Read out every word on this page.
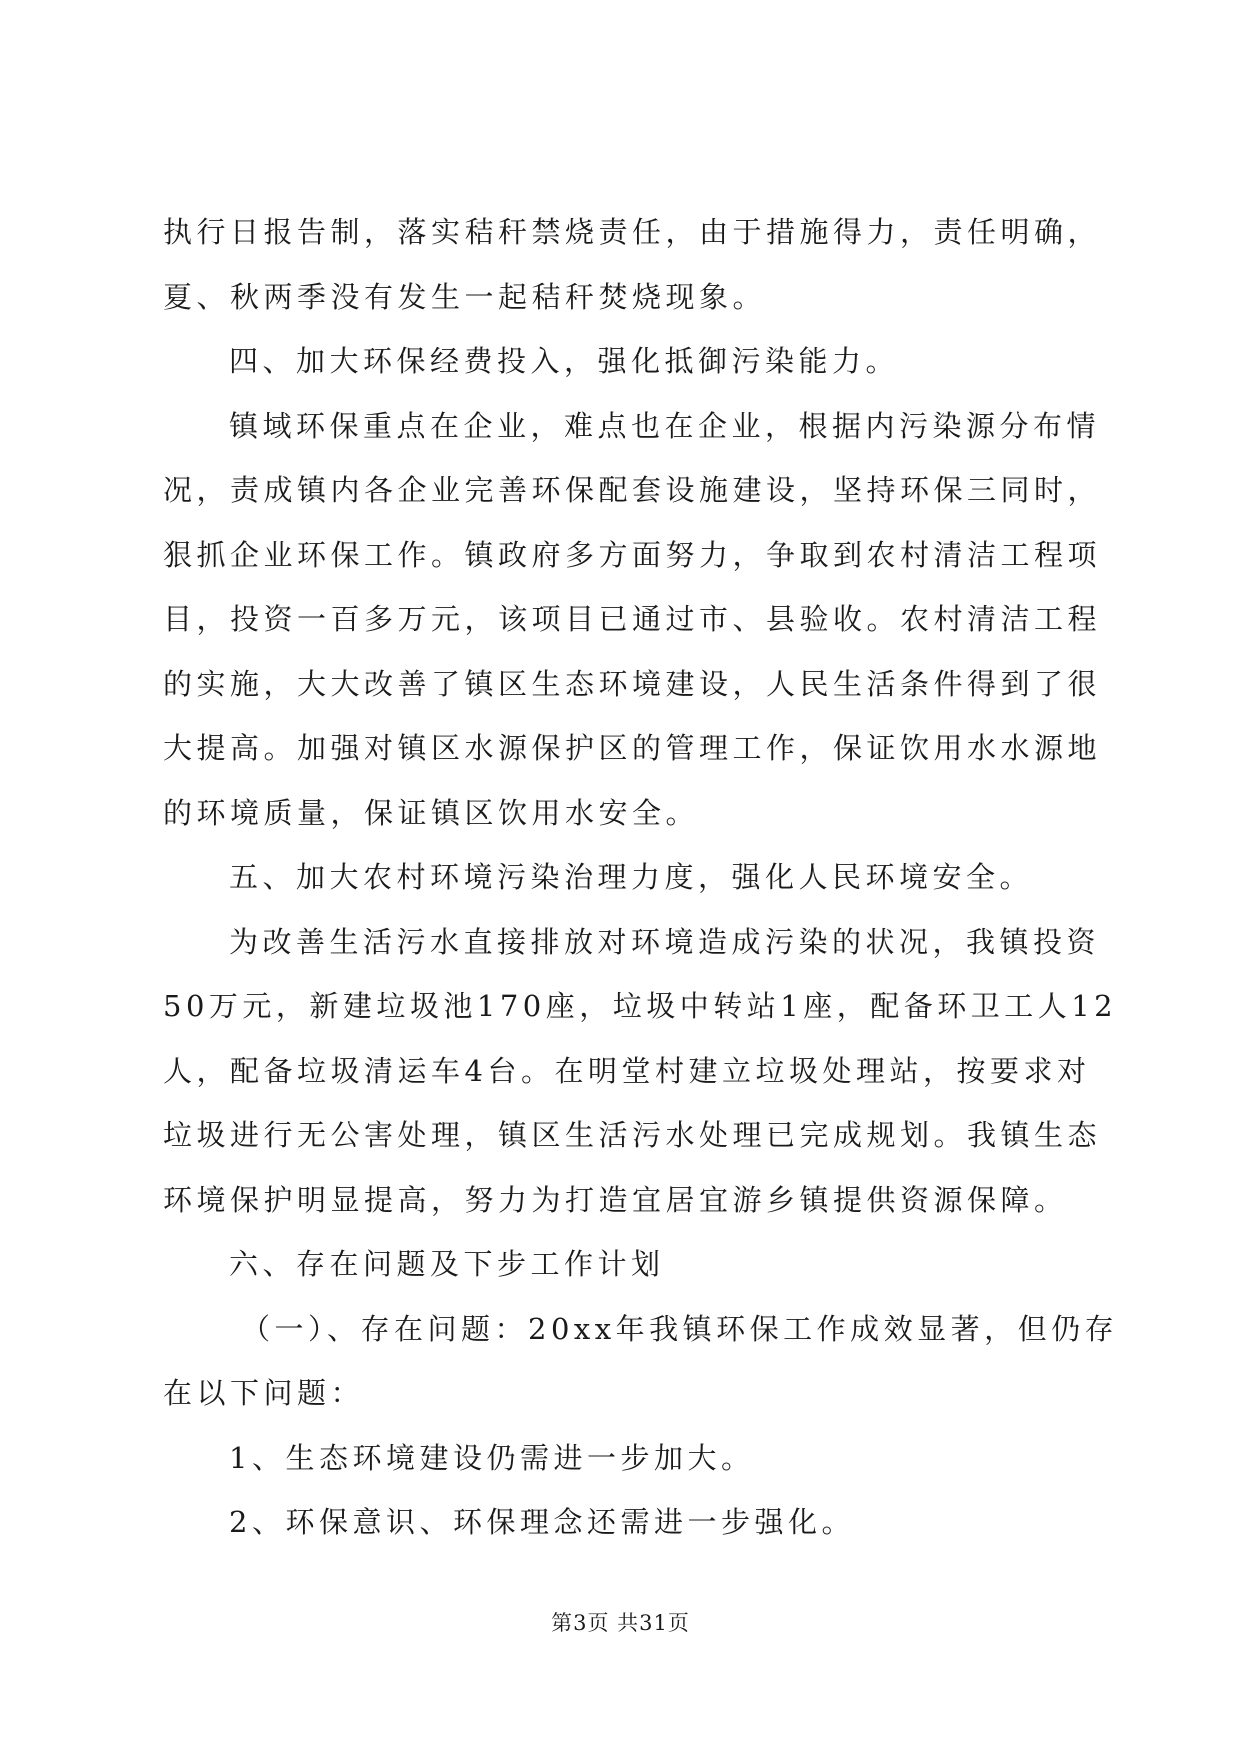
执行日报告制，落实秸秆禁烧责任，由于措施得力，责任明确，
夏、秋两季没有发生一起秸秆焚烧现象。
四、加大环保经费投入，强化抵御污染能力。
镇域环保重点在企业，难点也在企业，根据内污染源分布情
况，责成镇内各企业完善环保配套设施建设，坚持环保三同时，
狠抓企业环保工作。镇政府多方面努力，争取到农村清洁工程项
目，投资一百多万元，该项目已通过市、县验收。农村清洁工程
的实施，大大改善了镇区生态环境建设，人民生活条件得到了很
大提高。加强对镇区水源保护区的管理工作，保证饮用水水源地
的环境质量，保证镇区饮用水安全。
五、加大农村环境污染治理力度，强化人民环境安全。
为改善生活污水直接排放对环境造成污染的状况，我镇投资
50万元，新建垃圾池170座，垃圾中转站1座，配备环卫工人12
人，配备垃圾清运车4台。在明堂村建立垃圾处理站，按要求对
垃圾进行无公害处理，镇区生活污水处理已完成规划。我镇生态
环境保护明显提高，努力为打造宜居宜游乡镇提供资源保障。
六、存在问题及下步工作计划
（一）、存在问题：20xx年我镇环保工作成效显著，但仍存
在以下问题：
1、生态环境建设仍需进一步加大。
2、环保意识、环保理念还需进一步强化。
第3页 共31页
